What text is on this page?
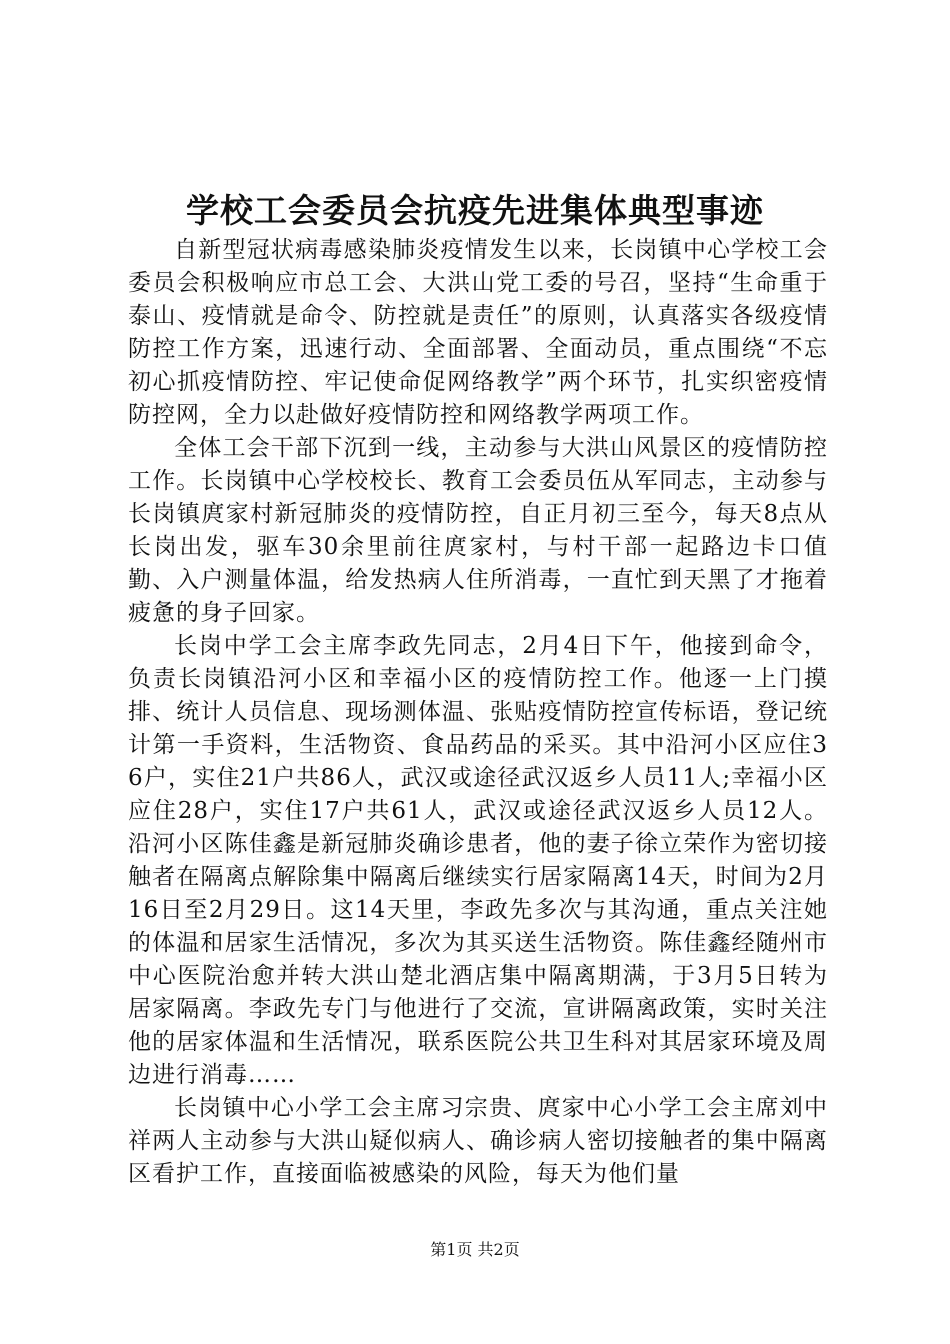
学校工会委员会抗疫先进集体典型事迹

自新型冠状病毒感染肺炎疫情发生以来，长岗镇中心学校工会委员会积极响应市总工会、大洪山党工委的号召，坚持“生命重于泰山、疫情就是命令、防控就是责任”的原则，认真落实各级疫情防控工作方案，迅速行动、全面部署、全面动员，重点围绕“不忘初心抓疫情防控、牢记使命促网络教学”两个环节，扎实织密疫情防控网，全力以赴做好疫情防控和网络教学两项工作。

全体工会干部下沉到一线，主动参与大洪山风景区的疫情防控工作。长岗镇中心学校校长、教育工会委员伍从军同志，主动参与长岗镇庹家村新冠肺炎的疫情防控，自正月初三至今，每天8点从长岗出发，驱车30余里前往庹家村，与村干部一起路边卡口值勤、入户测量体温，给发热病人住所消毒，一直忙到天黑了才拖着疲惫的身子回家。

长岗中学工会主席李政先同志，2月4日下午，他接到命令，负责长岗镇沿河小区和幸福小区的疫情防控工作。他逐一上门摸排、统计人员信息、现场测体温、张贴疫情防控宣传标语，登记统计第一手资料，生活物资、食品药品的采买。其中沿河小区应住36户，实住21户共86人，武汉或途径武汉返乡人员11人;幸福小区应住28户，实住17户共61人，武汉或途径武汉返乡人员12人。沿河小区陈佳鑫是新冠肺炎确诊患者，他的妻子徐立荣作为密切接触者在隔离点解除集中隔离后继续实行居家隔离14天，时间为2月16日至2月29日。这14天里，李政先多次与其沟通，重点关注她的体温和居家生活情况，多次为其买送生活物资。陈佳鑫经随州市中心医院治愈并转大洪山楚北酒店集中隔离期满，于3月5日转为居家隔离。李政先专门与他进行了交流，宣讲隔离政策，实时关注他的居家体温和生活情况，联系医院公共卫生科对其居家环境及周边进行消毒……

长岗镇中心小学工会主席习宗贵、庹家中心小学工会主席刘中祥两人主动参与大洪山疑似病人、确诊病人密切接触者的集中隔离区看护工作，直接面临被感染的风险，每天为他们量

第1页 共2页
